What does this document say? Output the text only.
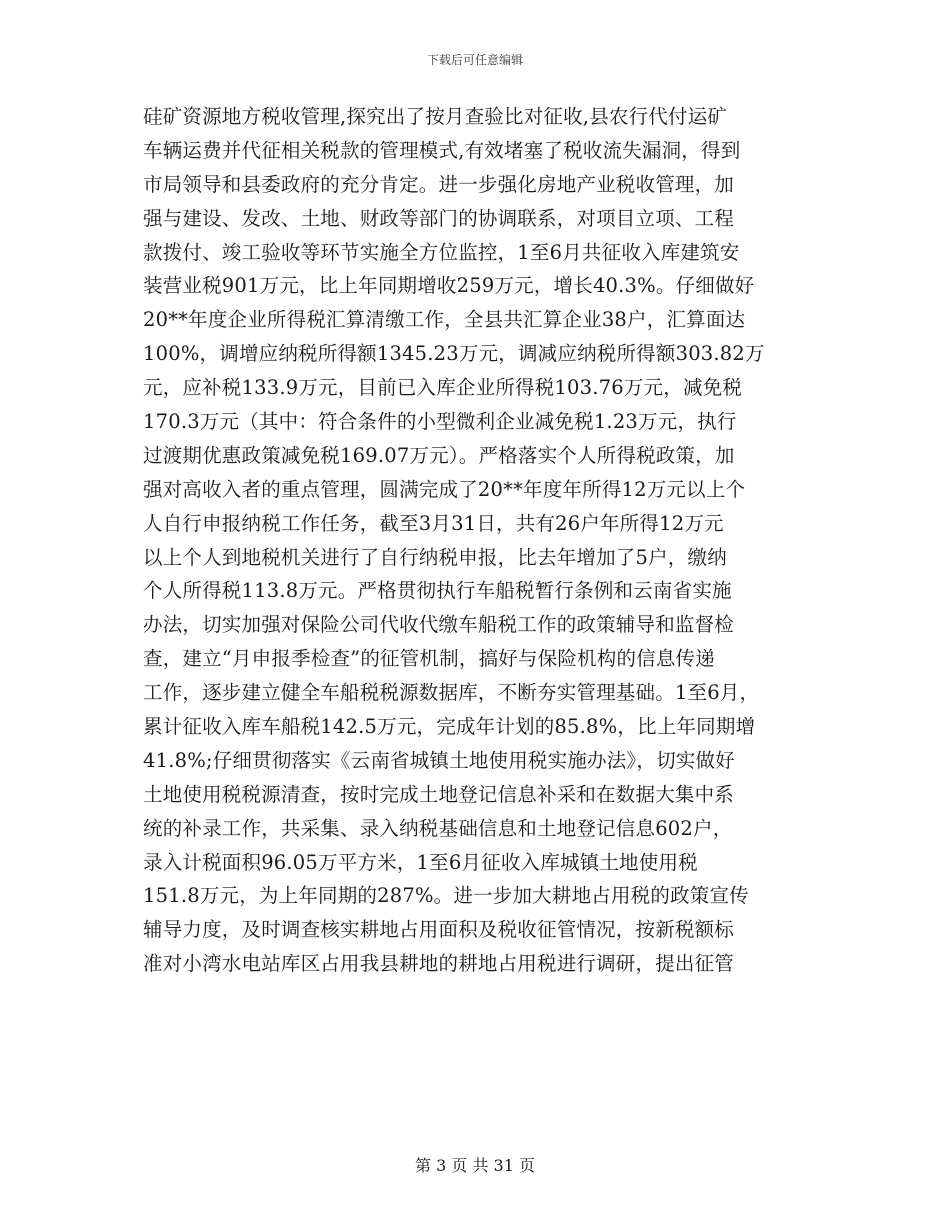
下载后可任意编辑
硅矿资源地方税收管理,探究出了按月查验比对征收,县农行代付运矿
车辆运费并代征相关税款的管理模式,有效堵塞了税收流失漏洞，得到
市局领导和县委政府的充分肯定。进一步强化房地产业税收管理，加
强与建设、发改、土地、财政等部门的协调联系，对项目立项、工程
款拨付、竣工验收等环节实施全方位监控，1至6月共征收入库建筑安
装营业税901万元，比上年同期增收259万元，增长40.3%。仔细做好
20**年度企业所得税汇算清缴工作，全县共汇算企业38户，汇算面达
100%，调增应纳税所得额1345.23万元，调减应纳税所得额303.82万
元，应补税133.9万元，目前已入库企业所得税103.76万元，减免税
170.3万元（其中：符合条件的小型微利企业减免税1.23万元，执行
过渡期优惠政策减免税169.07万元）。严格落实个人所得税政策，加
强对高收入者的重点管理，圆满完成了20**年度年所得12万元以上个
人自行申报纳税工作任务，截至3月31日，共有26户年所得12万元
以上个人到地税机关进行了自行纳税申报，比去年增加了5户，缴纳
个人所得税113.8万元。严格贯彻执行车船税暂行条例和云南省实施
办法，切实加强对保险公司代收代缴车船税工作的政策辅导和监督检
查，建立“月申报季检查”的征管机制，搞好与保险机构的信息传递
工作，逐步建立健全车船税税源数据库，不断夯实管理基础。1至6月，
累计征收入库车船税142.5万元，完成年计划的85.8%，比上年同期增
41.8%;仔细贯彻落实《云南省城镇土地使用税实施办法》，切实做好
土地使用税税源清查，按时完成土地登记信息补采和在数据大集中系
统的补录工作，共采集、录入纳税基础信息和土地登记信息602户，
录入计税面积96.05万平方米，1至6月征收入库城镇土地使用税
151.8万元，为上年同期的287%。进一步加大耕地占用税的政策宣传
辅导力度，及时调查核实耕地占用面积及税收征管情况，按新税额标
准对小湾水电站库区占用我县耕地的耕地占用税进行调研，提出征管
第 3 页 共 31 页
